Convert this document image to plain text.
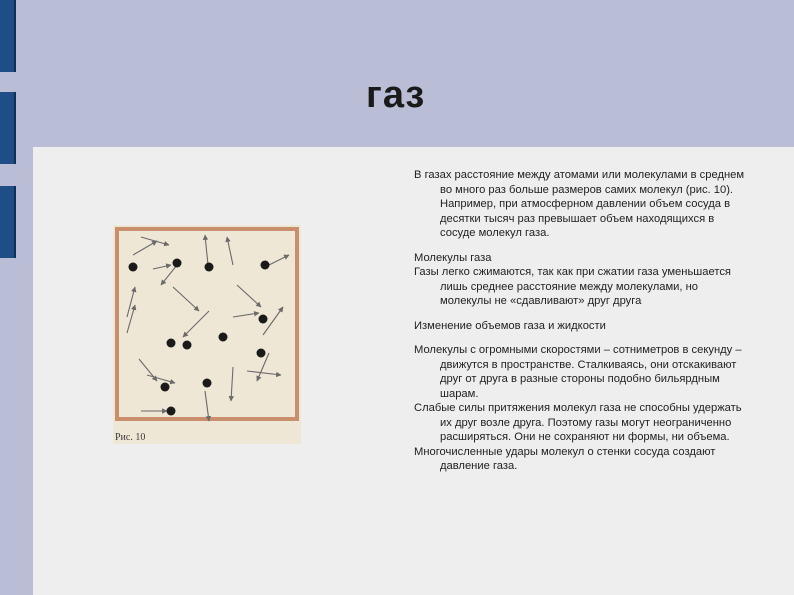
газ
Рис. 10

В газах расстояние между атомами или молекулами в среднем во много раз больше размеров самих молекул (рис. 10). Например, при атмосферном давлении объем сосуда в десятки тысяч раз превышает объем находящихся в сосуде молекул газа.

Молекулы газа

Газы легко сжимаются, так как при сжатии газа уменьшается лишь среднее расстояние между молекулами, но молекулы не «сдавливают» друг друга

Изменение объемов газа и жидкости

Молекулы с огромными скоростями – сотниметров в секунду – движутся в пространстве. Сталкиваясь, они отскакивают друг от друга в разные стороны подобно бильярдным шарам.

Слабые силы притяжения молекул газа не способны удержать их друг возле друга. Поэтому газы могут неограниченно расширяться. Они не сохраняют ни формы, ни объема.

Многочисленные удары молекул о стенки сосуда создают давление газа.
